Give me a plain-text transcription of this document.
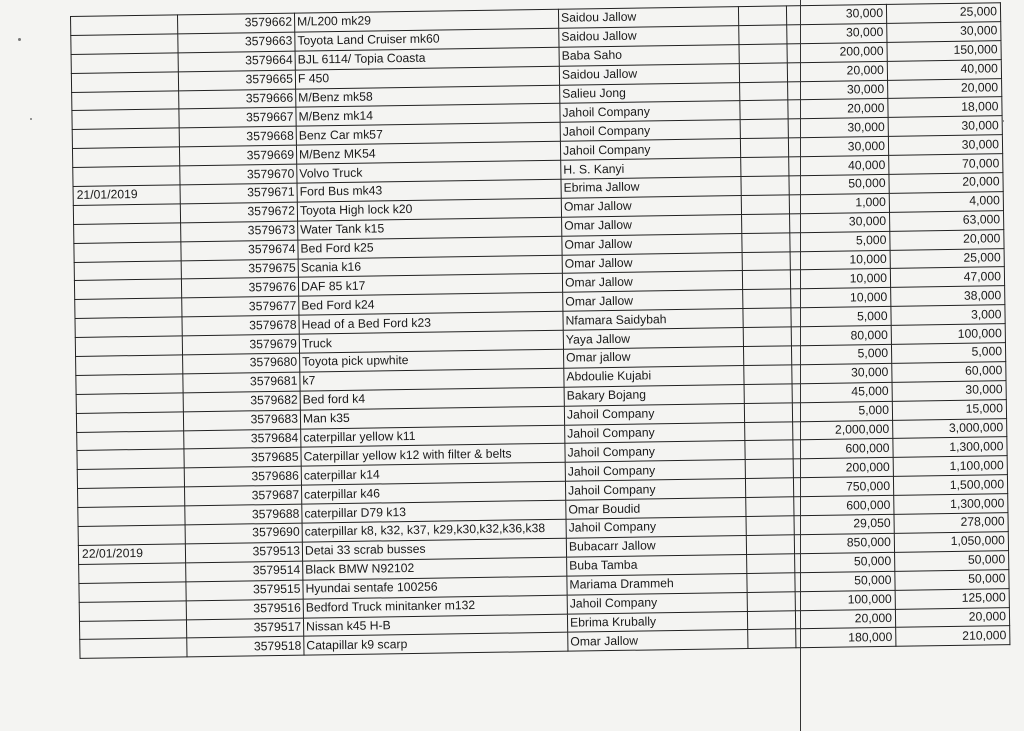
	3579662	M/L200 mk29	Saidou Jallow		30,000	25,000
	3579663	Toyota Land Cruiser mk60	Saidou Jallow		30,000	30,000
	3579664	BJL 6114/ Topia Coasta	Baba Saho		200,000	150,000
	3579665	F 450	Saidou Jallow		20,000	40,000
	3579666	M/Benz mk58	Salieu Jong		30,000	20,000
	3579667	M/Benz mk14	Jahoil Company		20,000	18,000
	3579668	Benz Car mk57	Jahoil Company		30,000	30,000
	3579669	M/Benz MK54	Jahoil Company		30,000	30,000
	3579670	Volvo Truck	H. S. Kanyi		40,000	70,000
21/01/2019	3579671	Ford Bus mk43	Ebrima Jallow		50,000	20,000
	3579672	Toyota High lock k20	Omar Jallow		1,000	4,000
	3579673	Water Tank k15	Omar Jallow		30,000	63,000
	3579674	Bed Ford k25	Omar Jallow		5,000	20,000
	3579675	Scania k16	Omar Jallow		10,000	25,000
	3579676	DAF 85 k17	Omar Jallow		10,000	47,000
	3579677	Bed Ford k24	Omar Jallow		10,000	38,000
	3579678	Head of a Bed Ford k23	Nfamara Saidybah		5,000	3,000
	3579679	Truck	Yaya Jallow		80,000	100,000
	3579680	Toyota pick upwhite	Omar jallow		5,000	5,000
	3579681	k7	Abdoulie Kujabi		30,000	60,000
	3579682	Bed ford k4	Bakary Bojang		45,000	30,000
	3579683	Man k35	Jahoil Company		5,000	15,000
	3579684	caterpillar yellow k11	Jahoil Company		2,000,000	3,000,000
	3579685	Caterpillar yellow k12 with filter & belts	Jahoil Company		600,000	1,300,000
	3579686	caterpillar k14	Jahoil Company		200,000	1,100,000
	3579687	caterpillar k46	Jahoil Company		750,000	1,500,000
	3579688	caterpillar D79 k13	Omar Boudid		600,000	1,300,000
	3579690	caterpillar k8, k32, k37, k29,k30,k32,k36,k38	Jahoil Company		29,050	278,000
22/01/2019	3579513	Detai 33 scrab busses	Bubacarr Jallow		850,000	1,050,000
	3579514	Black BMW N92102	Buba Tamba		50,000	50,000
	3579515	Hyundai sentafe 100256	Mariama Drammeh		50,000	50,000
	3579516	Bedford Truck minitanker m132	Jahoil Company		100,000	125,000
	3579517	Nissan k45 H-B	Ebrima Krubally		20,000	20,000
	3579518	Catapillar k9 scarp	Omar Jallow		180,000	210,000
